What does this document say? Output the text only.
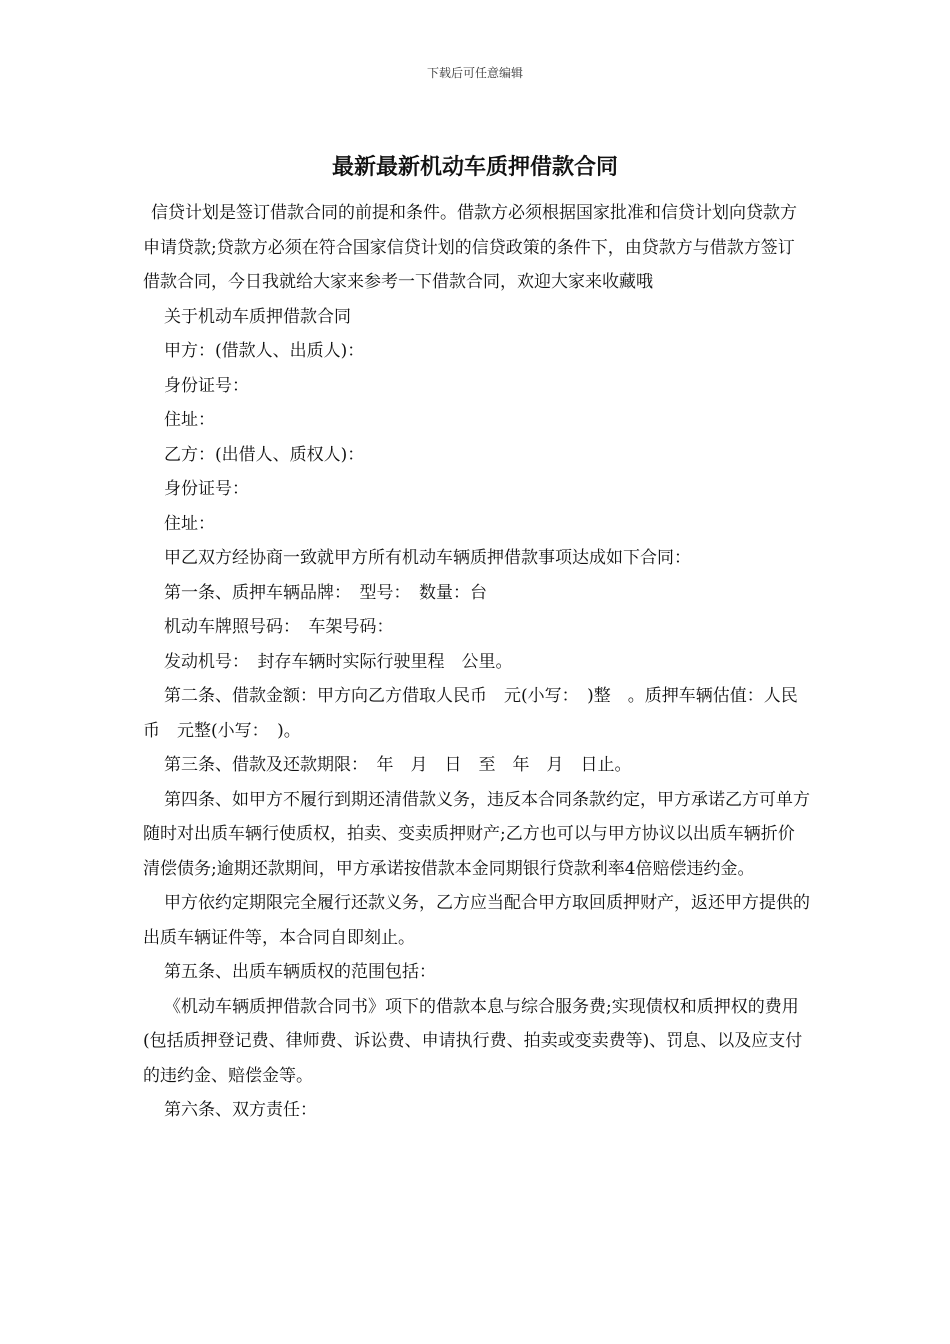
下载后可任意编辑
最新最新机动车质押借款合同

信贷计划是签订借款合同的前提和条件。借款方必须根据国家批准和信贷计划向贷款方申请贷款;贷款方必须在符合国家信贷计划的信贷政策的条件下，由贷款方与借款方签订借款合同，今日我就给大家来参考一下借款合同，欢迎大家来收藏哦

关于机动车质押借款合同

甲方：(借款人、出质人)：

身份证号：

住址：

乙方：(出借人、质权人)：

身份证号：

住址：

甲乙双方经协商一致就甲方所有机动车辆质押借款事项达成如下合同：

第一条、质押车辆品牌：　型号：　数量：台

机动车牌照号码：　车架号码：

发动机号：　封存车辆时实际行驶里程　公里。

第二条、借款金额：甲方向乙方借取人民币　元(小写：　)整　。质押车辆估值：人民币　元整(小写：　)。

第三条、借款及还款期限：　年　月　日　至　年　月　日止。

第四条、如甲方不履行到期还清借款义务，违反本合同条款约定，甲方承诺乙方可单方随时对出质车辆行使质权，拍卖、变卖质押财产;乙方也可以与甲方协议以出质车辆折价清偿债务;逾期还款期间，甲方承诺按借款本金同期银行贷款利率4倍赔偿违约金。

甲方依约定期限完全履行还款义务，乙方应当配合甲方取回质押财产，返还甲方提供的出质车辆证件等，本合同自即刻止。

第五条、出质车辆质权的范围包括：

《机动车辆质押借款合同书》项下的借款本息与综合服务费;实现债权和质押权的费用(包括质押登记费、律师费、诉讼费、申请执行费、拍卖或变卖费等)、罚息、以及应支付的违约金、赔偿金等。

第六条、双方责任：
